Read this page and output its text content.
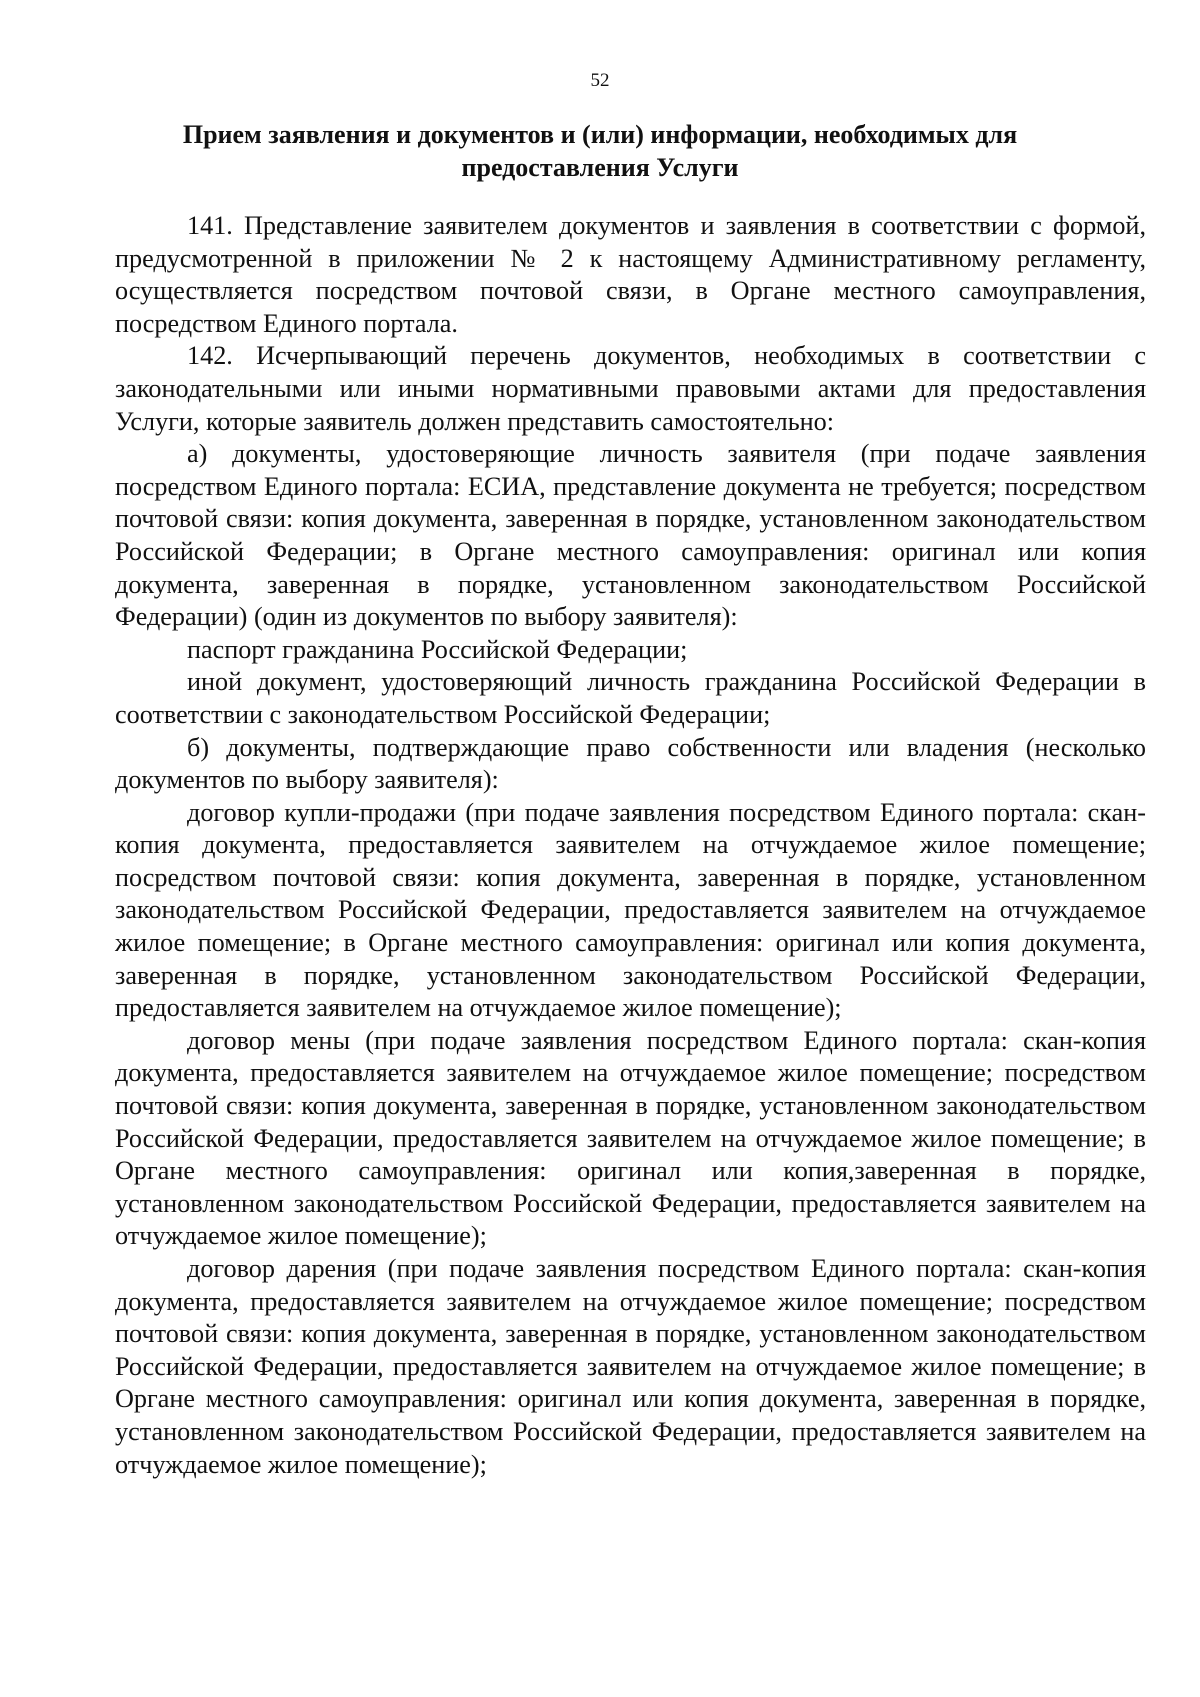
52
Прием заявления и документов и (или) информации, необходимых для предоставления Услуги

141. Представление заявителем документов и заявления в соответствии с формой, предусмотренной в приложении № 2 к настоящему Административному регламенту, осуществляется посредством почтовой связи, в Органе местного самоуправления, посредством Единого портала.

142. Исчерпывающий перечень документов, необходимых в соответствии с законодательными или иными нормативными правовыми актами для предоставления Услуги, которые заявитель должен представить самостоятельно:

а) документы, удостоверяющие личность заявителя (при подаче заявления посредством Единого портала: ЕСИА, представление документа не требуется; посредством почтовой связи: копия документа, заверенная в порядке, установленном законодательством Российской Федерации; в Органе местного самоуправления: оригинал или копия документа, заверенная в порядке, установленном законодательством Российской Федерации) (один из документов по выбору заявителя):

паспорт гражданина Российской Федерации;

иной документ, удостоверяющий личность гражданина Российской Федерации в соответствии с законодательством Российской Федерации;

б) документы, подтверждающие право собственности или владения (несколько документов по выбору заявителя):

договор купли-продажи (при подаче заявления посредством Единого портала: скан-копия документа, предоставляется заявителем на отчуждаемое жилое помещение; посредством почтовой связи: копия документа, заверенная в порядке, установленном законодательством Российской Федерации, предоставляется заявителем на отчуждаемое жилое помещение; в Органе местного самоуправления: оригинал или копия документа, заверенная в порядке, установленном законодательством Российской Федерации, предоставляется заявителем на отчуждаемое жилое помещение);

договор мены (при подаче заявления посредством Единого портала: скан-копия документа, предоставляется заявителем на отчуждаемое жилое помещение; посредством почтовой связи: копия документа, заверенная в порядке, установленном законодательством Российской Федерации, предоставляется заявителем на отчуждаемое жилое помещение; в Органе местного самоуправления: оригинал или копия,заверенная в порядке, установленном законодательством Российской Федерации, предоставляется заявителем на отчуждаемое жилое помещение);

договор дарения (при подаче заявления посредством Единого портала: скан-копия документа, предоставляется заявителем на отчуждаемое жилое помещение; посредством почтовой связи: копия документа, заверенная в порядке, установленном законодательством Российской Федерации, предоставляется заявителем на отчуждаемое жилое помещение; в Органе местного самоуправления: оригинал или копия документа, заверенная в порядке, установленном законодательством Российской Федерации, предоставляется заявителем на отчуждаемое жилое помещение);
